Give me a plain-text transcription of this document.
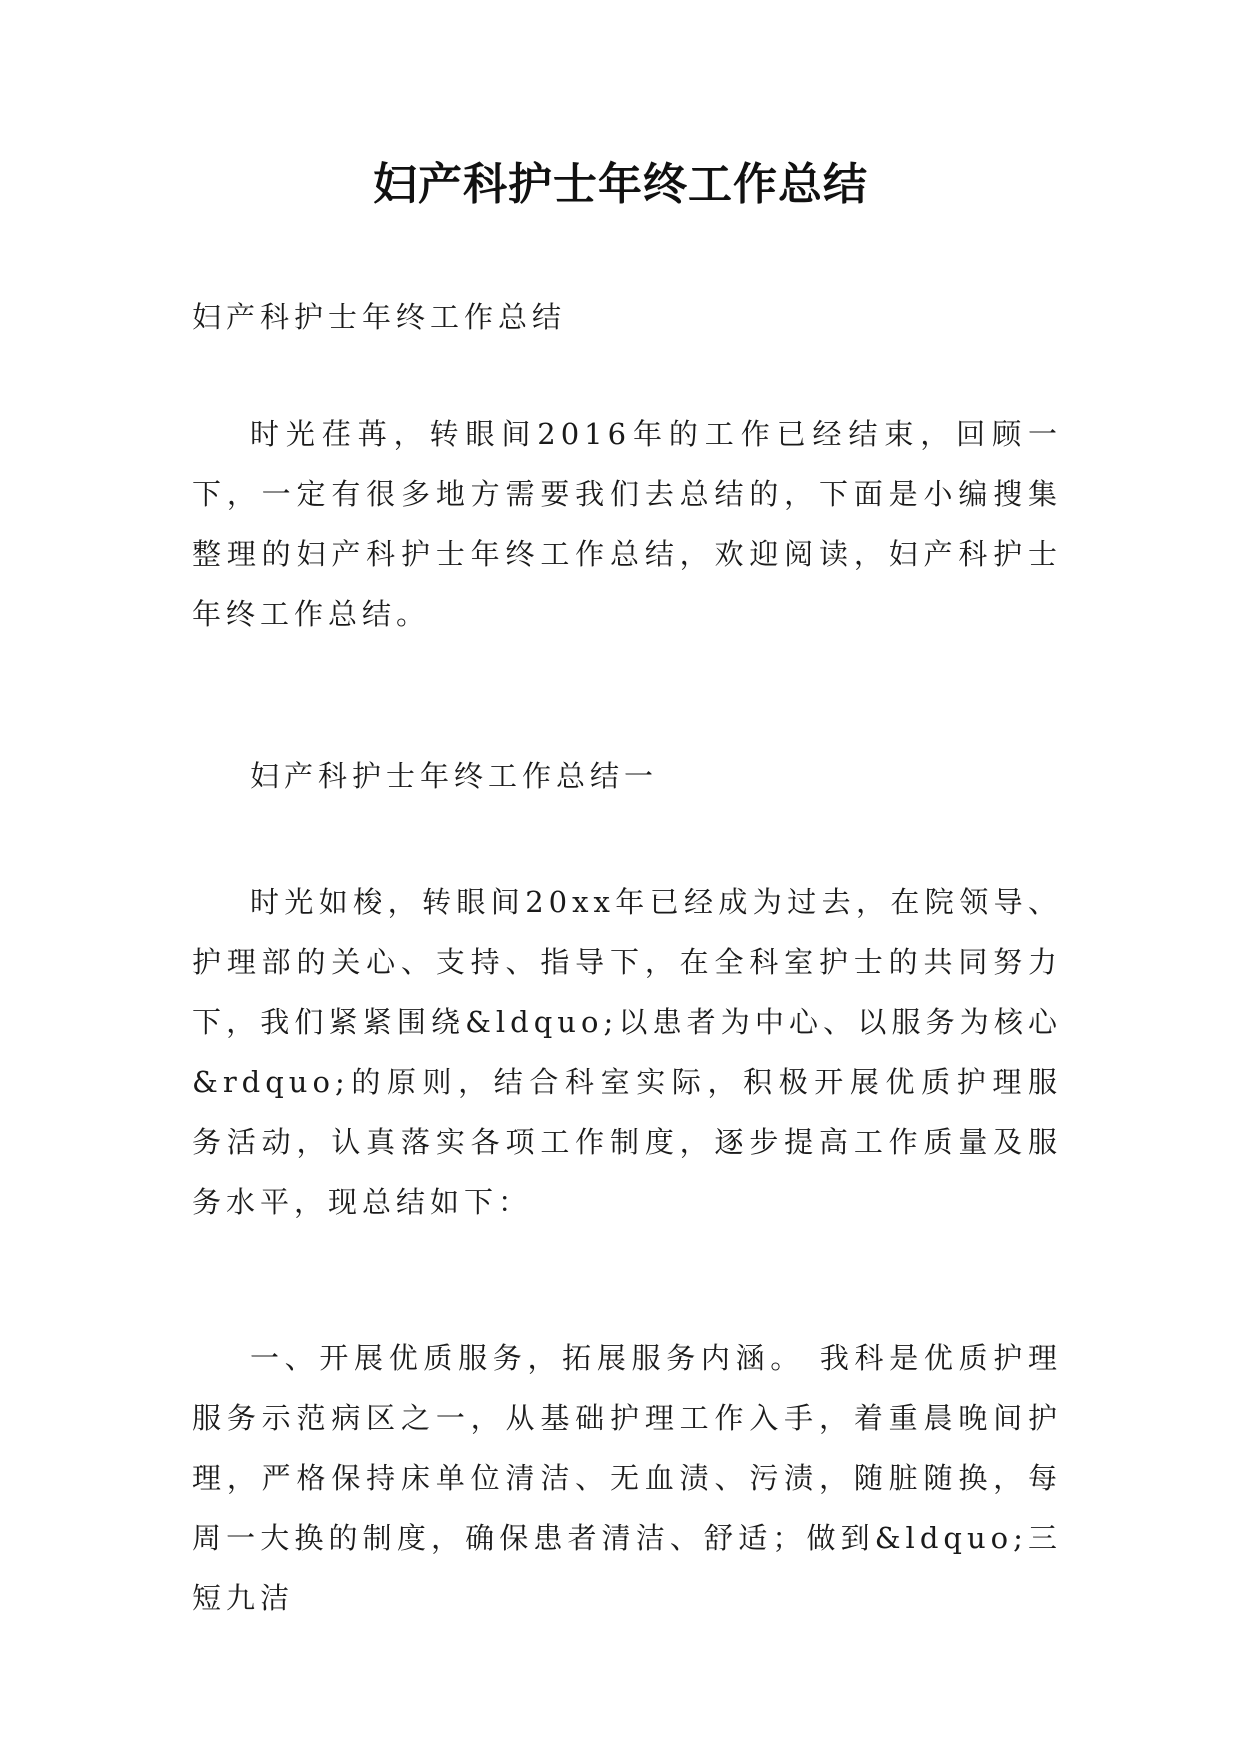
妇产科护士年终工作总结

妇产科护士年终工作总结

时光荏苒，转眼间2016年的工作已经结束，回顾一下，一定有很多地方需要我们去总结的，下面是小编搜集整理的妇产科护士年终工作总结，欢迎阅读，妇产科护士年终工作总结。

妇产科护士年终工作总结一

时光如梭，转眼间20xx年已经成为过去，在院领导、护理部的关心、支持、指导下，在全科室护士的共同努力下，我们紧紧围绕&ldquo;以患者为中心、以服务为核心&rdquo;的原则，结合科室实际，积极开展优质护理服务活动，认真落实各项工作制度，逐步提高工作质量及服务水平，现总结如下：

一、开展优质服务，拓展服务内涵。 我科是优质护理服务示范病区之一，从基础护理工作入手，着重晨晚间护理，严格保持床单位清洁、无血渍、污渍，随脏随换，每周一大换的制度，确保患者清洁、舒适；做到&ldquo;三短九洁
